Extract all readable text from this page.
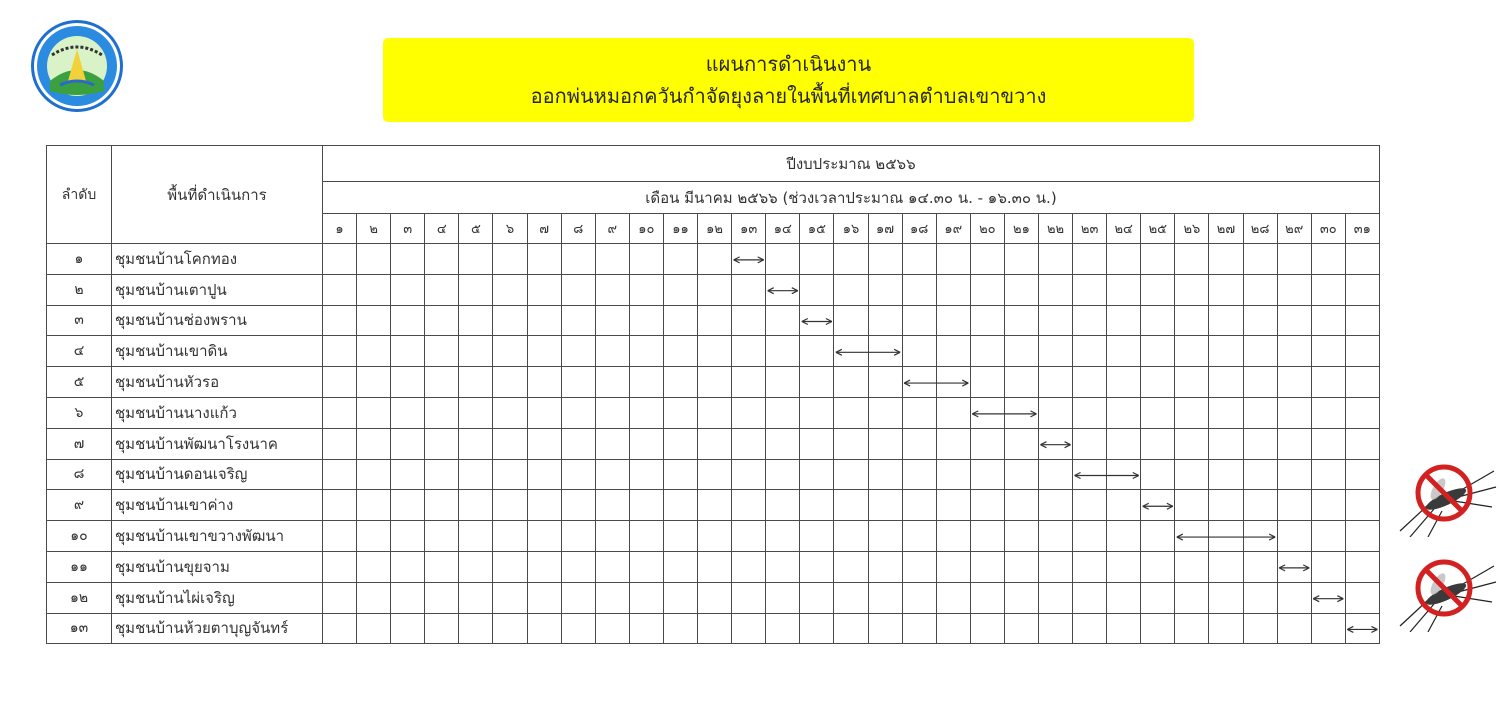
แผนการดำเนินงาน
ออกพ่นหมอกควันกำจัดยุงลายในพื้นที่เทศบาลตำบลเขาขวาง
ลำดับ	พื้นที่ดำเนินการ	ปีงบประมาณ ๒๕๖๖																														
		เดือน มีนาคม ๒๕๖๖ (ช่วงเวลาประมาณ ๑๔.๓๐ น. - ๑๖.๓๐ น.)																														
		๑	๒	๓	๔	๕	๖	๗	๘	๙	๑๐	๑๑	๑๒	๑๓	๑๔	๑๕	๑๖	๑๗	๑๘	๑๙	๒๐	๒๑	๒๒	๒๓	๒๔	๒๕	๒๖	๒๗	๒๘	๒๙	๓๐	๓๑
๑	ชุมชนบ้านโคกทอง																															
๒	ชุมชนบ้านเตาปูน																															
๓	ชุมชนบ้านช่องพราน																															
๔	ชุมชนบ้านเขาดิน																															
๕	ชุมชนบ้านหัวรอ																															
๖	ชุมชนบ้านนางแก้ว																															
๗	ชุมชนบ้านพัฒนาโรงนาค																															
๘	ชุมชนบ้านดอนเจริญ																															
๙	ชุมชนบ้านเขาค่าง																															
๑๐	ชุมชนบ้านเขาขวางพัฒนา																															
๑๑	ชุมชนบ้านขุยจาม																															
๑๒	ชุมชนบ้านไผ่เจริญ																															
๑๓	ชุมชนบ้านห้วยตาบุญจันทร์																															
